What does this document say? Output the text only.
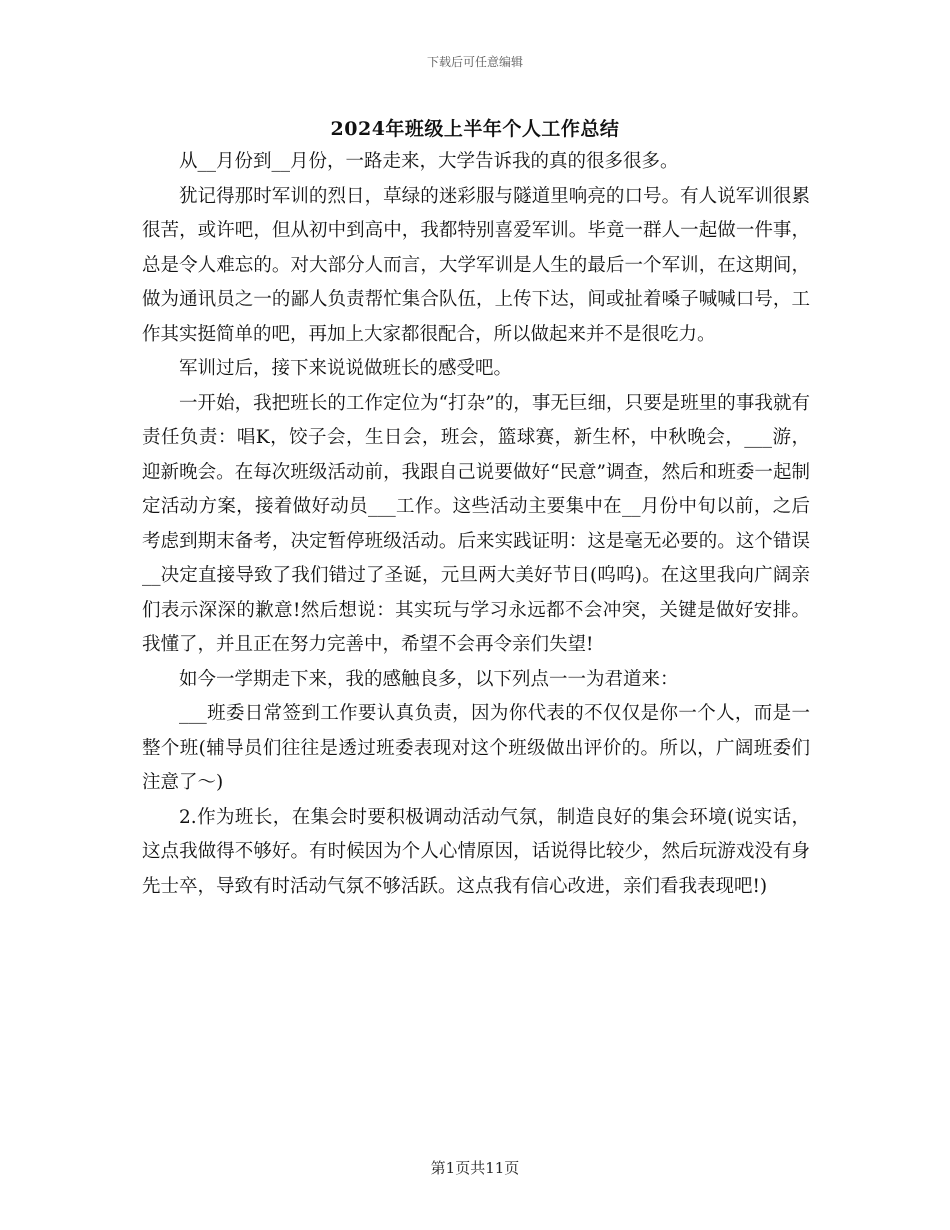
下载后可任意编辑
2024年班级上半年个人工作总结

从__月份到__月份，一路走来，大学告诉我的真的很多很多。

犹记得那时军训的烈日，草绿的迷彩服与隧道里响亮的口号。有人说军训很累很苦，或许吧，但从初中到高中，我都特别喜爱军训。毕竟一群人一起做一件事，总是令人难忘的。对大部分人而言，大学军训是人生的最后一个军训，在这期间，做为通讯员之一的鄙人负责帮忙集合队伍，上传下达，间或扯着嗓子喊喊口号，工作其实挺简单的吧，再加上大家都很配合，所以做起来并不是很吃力。

军训过后，接下来说说做班长的感受吧。

一开始，我把班长的工作定位为“打杂”的，事无巨细，只要是班里的事我就有责任负责：唱K，饺子会，生日会，班会，篮球赛，新生杯，中秋晚会，___游，迎新晚会。在每次班级活动前，我跟自己说要做好“民意”调查，然后和班委一起制定活动方案，接着做好动员___工作。这些活动主要集中在__月份中旬以前，之后考虑到期末备考，决定暂停班级活动。后来实践证明：这是毫无必要的。这个错误__决定直接导致了我们错过了圣诞，元旦两大美好节日(呜呜)。在这里我向广阔亲们表示深深的歉意!然后想说：其实玩与学习永远都不会冲突，关键是做好安排。我懂了，并且正在努力完善中，希望不会再令亲们失望!

如今一学期走下来，我的感触良多，以下列点一一为君道来：

___班委日常签到工作要认真负责，因为你代表的不仅仅是你一个人，而是一整个班(辅导员们往往是透过班委表现对这个班级做出评价的。所以，广阔班委们注意了～)

2.作为班长，在集会时要积极调动活动气氛，制造良好的集会环境(说实话，这点我做得不够好。有时候因为个人心情原因，话说得比较少，然后玩游戏没有身先士卒，导致有时活动气氛不够活跃。这点我有信心改进，亲们看我表现吧!)

第1页共11页
